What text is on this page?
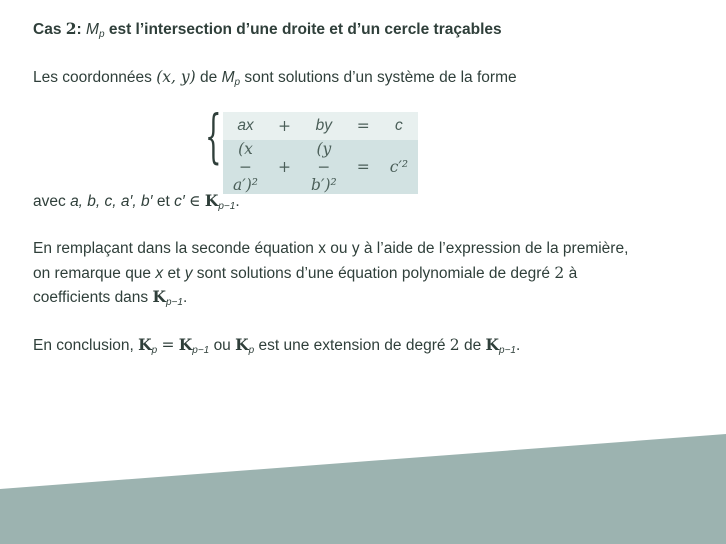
Cas 2: $M_p$ est l’intersection d’une droite et d’un cercle traçables
Les coordonnées (x, y) de $M_p$ sont solutions d’un système de la forme
{ ax	+	by	=	c
(x − a′)²	+	(y − b′)²	=	c′²
avec a, b, c, a′, b′ et c′ ∈ $K_{p-1}$.
En remplaçant dans la seconde équation x ou y à l’aide de l’expression de la première,
on remarque que x et y sont solutions d’une équation polynomiale de degré 2 à
coefficients dans $K_{p-1}$.
En conclusion, $K_p = K_{p-1}$ ou $K_p$ est une extension de degré 2 de $K_{p-1}$.
